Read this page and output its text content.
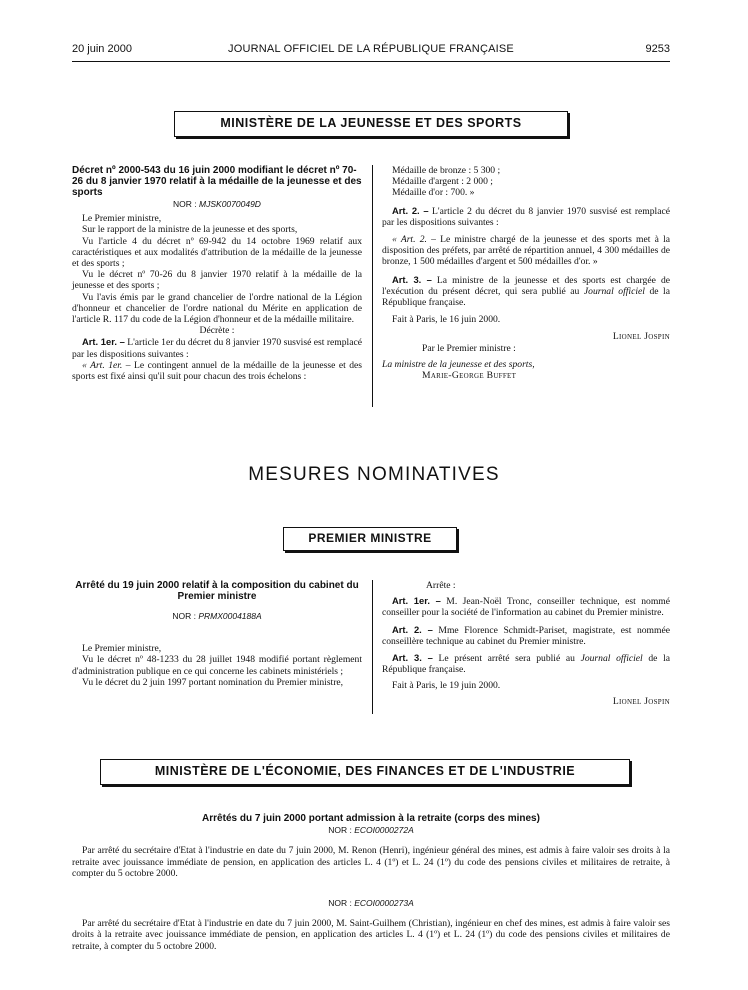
20 juin 2000	JOURNAL OFFICIEL DE LA RÉPUBLIQUE FRANÇAISE	9253
MINISTÈRE DE LA JEUNESSE ET DES SPORTS

Décret nº 2000-543 du 16 juin 2000 modifiant le décret nº 70-26 du 8 janvier 1970 relatif à la médaille de la jeunesse et des sports

NOR : MJSK0070049D

Le Premier ministre,

Sur le rapport de la ministre de la jeunesse et des sports,

Vu l'article 4 du décret nº 69-942 du 14 octobre 1969 relatif aux caractéristiques et aux modalités d'attribution de la médaille de la jeunesse et des sports ;

Vu le décret nº 70-26 du 8 janvier 1970 relatif à la médaille de la jeunesse et des sports ;

Vu l'avis émis par le grand chancelier de l'ordre national de la Légion d'honneur et chancelier de l'ordre national du Mérite en application de l'article R. 117 du code de la Légion d'honneur et de la médaille militaire.

Décrète :

Art. 1er. – L'article 1er du décret du 8 janvier 1970 susvisé est remplacé par les dispositions suivantes :

« Art. 1er. – Le contingent annuel de la médaille de la jeunesse et des sports est fixé ainsi qu'il suit pour chacun des trois échelons :

Médaille de bronze : 5 300 ;

Médaille d'argent : 2 000 ;

Médaille d'or : 700. »

Art. 2. – L'article 2 du décret du 8 janvier 1970 susvisé est remplacé par les dispositions suivantes :

« Art. 2. – Le ministre chargé de la jeunesse et des sports met à la disposition des préfets, par arrêté de répartition annuel, 4 300 médailles de bronze, 1 500 médailles d'argent et 500 médailles d'or. »

Art. 3. – La ministre de la jeunesse et des sports est chargée de l'exécution du présent décret, qui sera publié au Journal officiel de la République française.

Fait à Paris, le 16 juin 2000.

Lionel Jospin

Par le Premier ministre :

La ministre de la jeunesse et des sports,

Marie-George Buffet

MESURES NOMINATIVES
PREMIER MINISTRE

Arrêté du 19 juin 2000 relatif à la composition du cabinet du Premier ministre

NOR : PRMX0004188A

Le Premier ministre,

Vu le décret nº 48-1233 du 28 juillet 1948 modifié portant règlement d'administration publique en ce qui concerne les cabinets ministériels ;

Vu le décret du 2 juin 1997 portant nomination du Premier ministre,

Arrête :

Art. 1er. – M. Jean-Noël Tronc, conseiller technique, est nommé conseiller pour la société de l'information au cabinet du Premier ministre.

Art. 2. – Mme Florence Schmidt-Pariset, magistrate, est nommée conseillère technique au cabinet du Premier ministre.

Art. 3. – Le présent arrêté sera publié au Journal officiel de la République française.

Fait à Paris, le 19 juin 2000.

Lionel Jospin

MINISTÈRE DE L'ÉCONOMIE, DES FINANCES ET DE L'INDUSTRIE

Arrêtés du 7 juin 2000 portant admission à la retraite (corps des mines)

NOR : ECOI0000272A

Par arrêté du secrétaire d'Etat à l'industrie en date du 7 juin 2000, M. Renon (Henri), ingénieur général des mines, est admis à faire valoir ses droits à la retraite avec jouissance immédiate de pension, en application des articles L. 4 (1º) et L. 24 (1º) du code des pensions civiles et militaires de retraite, à compter du 5 octobre 2000.

NOR : ECOI0000273A

Par arrêté du secrétaire d'Etat à l'industrie en date du 7 juin 2000, M. Saint-Guilhem (Christian), ingénieur en chef des mines, est admis à faire valoir ses droits à la retraite avec jouissance immédiate de pension, en application des articles L. 4 (1º) et L. 24 (1º) du code des pensions civiles et militaires de retraite, à compter du 5 octobre 2000.
